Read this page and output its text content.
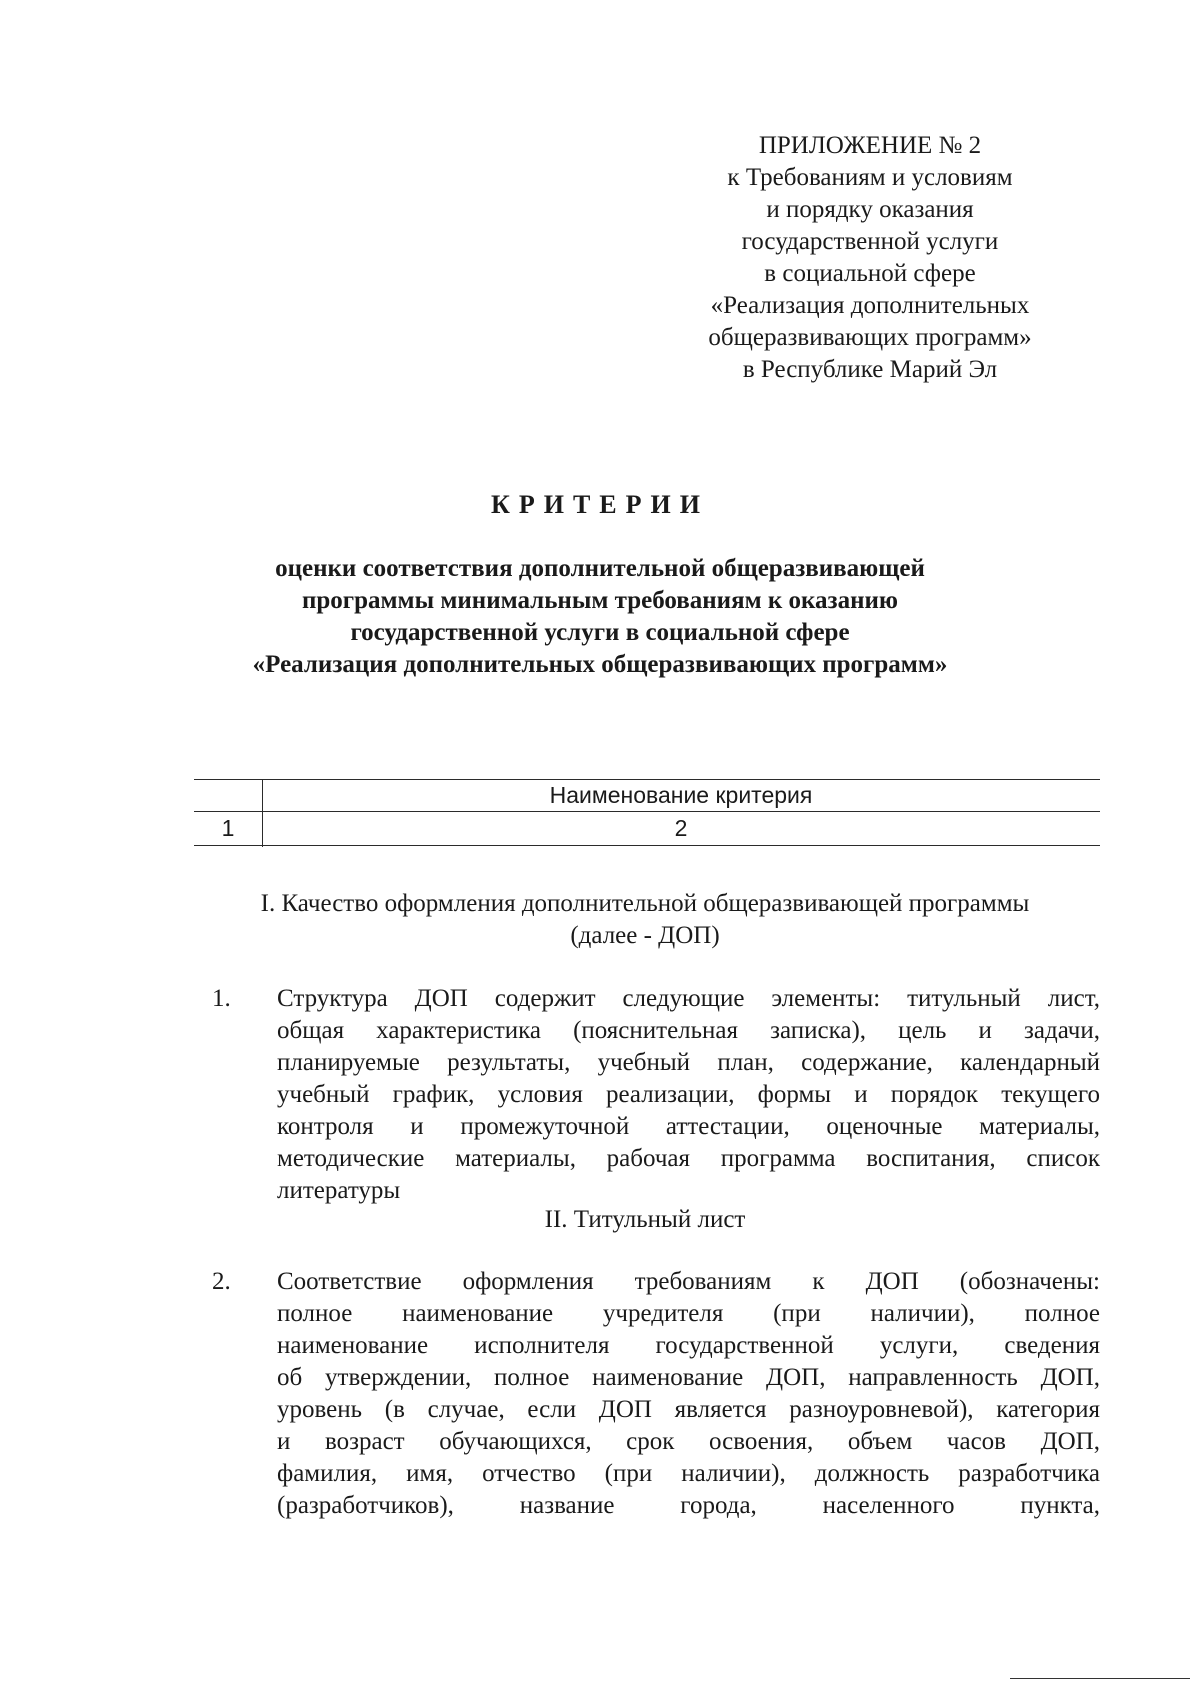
ПРИЛОЖЕНИЕ № 2
к Требованиям и условиям
и порядку оказания
государственной услуги
в социальной сфере
«Реализация дополнительных
общеразвивающих программ»
в Республике Марий Эл
КРИТЕРИИ
оценки соответствия дополнительной общеразвивающей
программы минимальным требованиям к оказанию
государственной услуги в социальной сфере
«Реализация дополнительных общеразвивающих программ»
Наименование критерия
1	2
I. Качество оформления дополнительной общеразвивающей программы
(далее - ДОП)
1. Структура ДОП содержит следующие элементы: титульный лист,
общая характеристика (пояснительная записка), цель и задачи,
планируемые результаты, учебный план, содержание, календарный
учебный график, условия реализации, формы и порядок текущего
контроля и промежуточной аттестации, оценочные материалы,
методические материалы, рабочая программа воспитания, список
литературы
II. Титульный лист
2. Соответствие оформления требованиям к ДОП (обозначены:
полное наименование учредителя (при наличии), полное
наименование исполнителя государственной услуги, сведения
об утверждении, полное наименование ДОП, направленность ДОП,
уровень (в случае, если ДОП является разноуровневой), категория
и возраст обучающихся, срок освоения, объем часов ДОП,
фамилия, имя, отчество (при наличии), должность разработчика
(разработчиков), название города, населенного пункта,
